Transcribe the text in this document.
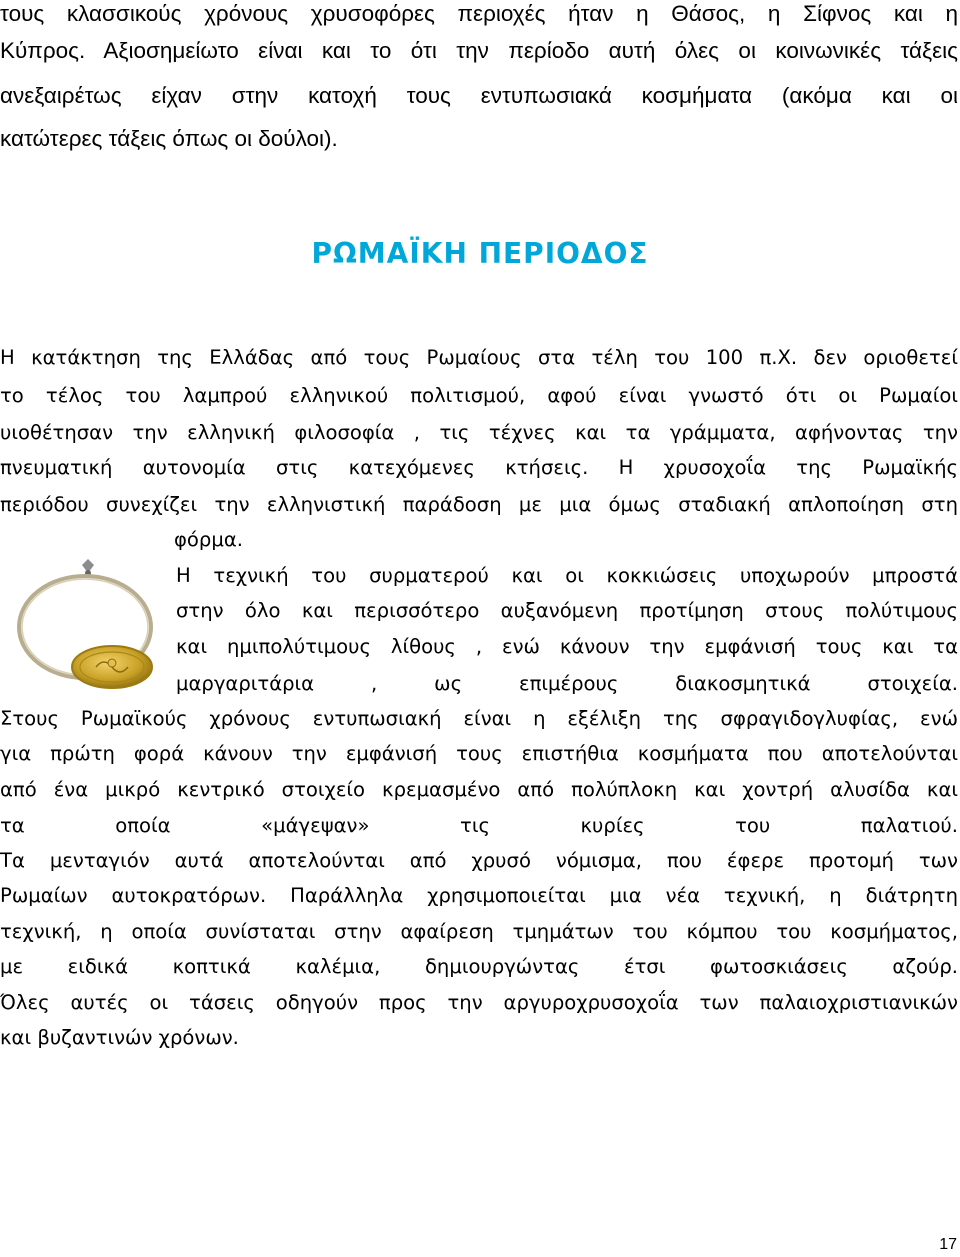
τους κλασσικούς χρόνους χρυσοφόρες περιοχές ήταν η Θάσος, η Σίφνος και η

Κύπρος. Αξιοσημείωτο είναι και το ότι την περίοδο αυτή όλες οι κοινωνικές τάξεις

ανεξαιρέτως είχαν στην κατοχή τους εντυπωσιακά κοσμήματα (ακόμα και οι

κατώτερες τάξεις όπως οι δούλοι).

ΡΩΜΑΪΚΗ ΠΕΡΙΟΔΟΣ

Η κατάκτηση της Ελλάδας από τους Ρωμαίους στα τέλη του 100 π.Χ. δεν οριοθετεί

το τέλος του λαμπρού ελληνικού πολιτισμού, αφού είναι γνωστό ότι οι Ρωμαίοι

υιοθέτησαν την ελληνική φιλοσοφία , τις τέχνες και τα γράμματα, αφήνοντας την

πνευματική αυτονομία στις κατεχόμενες κτήσεις. Η χρυσοχοΐα της Ρωμαϊκής

περιόδου συνεχίζει την ελληνιστική παράδοση με μια όμως σταδιακή απλοποίηση στη

φόρμα.

Η τεχνική του συρματερού και οι κοκκιώσεις υποχωρούν μπροστά

στην όλο και περισσότερο αυξανόμενη προτίμηση στους πολύτιμους

και ημιπολύτιμους λίθους , ενώ κάνουν την εμφάνισή τους και τα

μαργαριτάρια , ως επιμέρους διακοσμητικά στοιχεία.

Στους Ρωμαϊκούς χρόνους εντυπωσιακή είναι η εξέλιξη της σφραγιδογλυφίας, ενώ

για πρώτη φορά κάνουν την εμφάνισή τους επιστήθια κοσμήματα που αποτελούνται

από ένα μικρό κεντρικό στοιχείο κρεμασμένο από πολύπλοκη και χοντρή αλυσίδα και

τα οποία «μάγεψαν» τις κυρίες του παλατιού.

Τα μενταγιόν αυτά αποτελούνται από χρυσό νόμισμα, που έφερε προτομή των

Ρωμαίων αυτοκρατόρων. Παράλληλα χρησιμοποιείται μια νέα τεχνική, η διάτρητη

τεχνική, η οποία συνίσταται στην αφαίρεση τμημάτων του κόμπου του κοσμήματος,

με ειδικά κοπτικά καλέμια, δημιουργώντας έτσι φωτοσκιάσεις αζούρ.

Όλες αυτές οι τάσεις οδηγούν προς την αργυροχρυσοχοΐα των παλαιοχριστιανικών

και βυζαντινών χρόνων.

17
